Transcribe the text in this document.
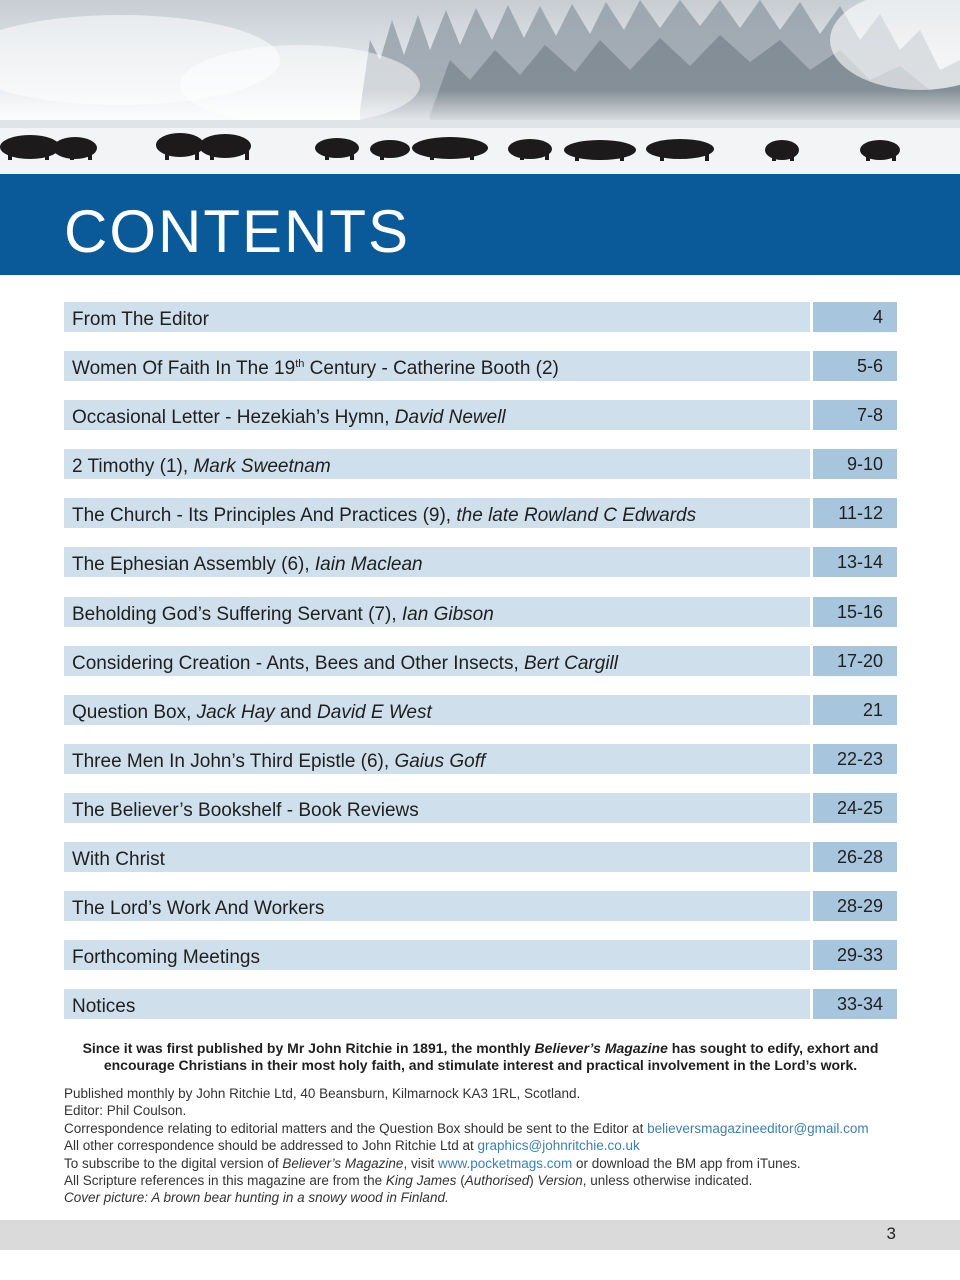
CONTENTS
From The Editor	4
Women Of Faith In The 19th Century - Catherine Booth (2)	5-6
Occasional Letter - Hezekiah’s Hymn, David Newell	7-8
2 Timothy (1), Mark Sweetnam	9-10
The Church - Its Principles And Practices (9), the late Rowland C Edwards	11-12
The Ephesian Assembly (6), Iain Maclean	13-14
Beholding God’s Suffering Servant (7), Ian Gibson	15-16
Considering Creation - Ants, Bees and Other Insects, Bert Cargill	17-20
Question Box, Jack Hay and David E West	21
Three Men In John’s Third Epistle (6), Gaius Goff	22-23
The Believer’s Bookshelf - Book Reviews	24-25
With Christ	26-28
The Lord’s Work And Workers	28-29
Forthcoming Meetings	29-33
Notices	33-34
Since it was first published by Mr John Ritchie in 1891, the monthly Believer’s Magazine has sought to edify, exhort and encourage Christians in their most holy faith, and stimulate interest and practical involvement in the Lord’s work.

Published monthly by John Ritchie Ltd, 40 Beansburn, Kilmarnock KA3 1RL, Scotland.

Editor: Phil Coulson.

Correspondence relating to editorial matters and the Question Box should be sent to the Editor at believersmagazineeditor@gmail.com

All other correspondence should be addressed to John Ritchie Ltd at graphics@johnritchie.co.uk

To subscribe to the digital version of Believer’s Magazine, visit www.pocketmags.com or download the BM app from iTunes.

All Scripture references in this magazine are from the King James (Authorised) Version, unless otherwise indicated.

Cover picture: A brown bear hunting in a snowy wood in Finland.

3
